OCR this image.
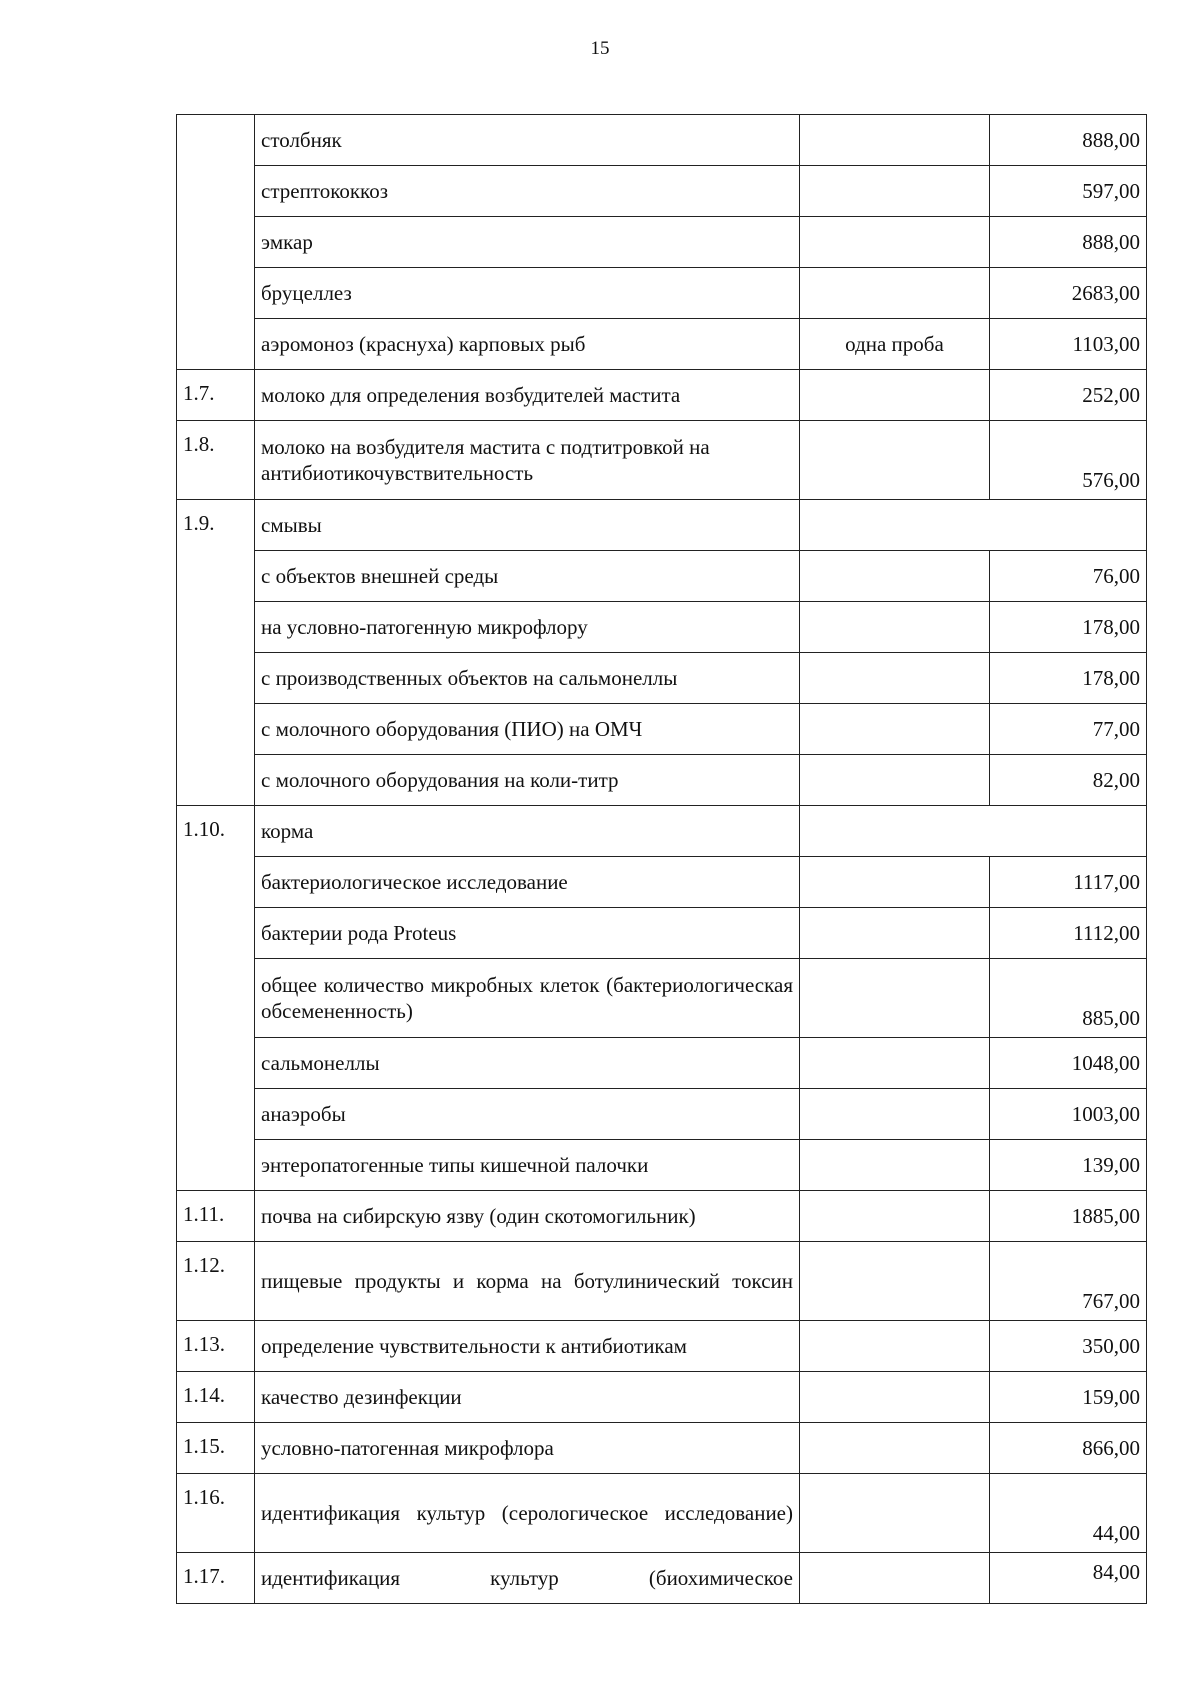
15
	столбняк		888,00
	стрептококкоз		597,00
	эмкар		888,00
	бруцеллез		2683,00
	аэромоноз (краснуха) карповых рыб	одна проба	1103,00
1.7.	молоко для определения возбудителей мастита		252,00
1.8.	молоко на возбудителя мастита с подтитровкой на антибиотикочувствительность		576,00
1.9.	смывы		
	с объектов внешней среды		76,00
	на условно-патогенную микрофлору		178,00
	с производственных объектов на сальмонеллы		178,00
	с молочного оборудования (ПИО) на ОМЧ		77,00
	с молочного оборудования на коли-титр		82,00
1.10.	корма		
	бактериологическое исследование		1117,00
	бактерии рода Proteus		1112,00
	общее количество микробных клеток (бактериологическая обсемененность)		885,00
	сальмонеллы		1048,00
	анаэробы		1003,00
	энтеропатогенные типы кишечной палочки		139,00
1.11.	почва на сибирскую язву (один скотомогильник)		1885,00
1.12.	пищевые продукты и корма на ботулинический токсин		767,00
1.13.	определение чувствительности к антибиотикам		350,00
1.14.	качество дезинфекции		159,00
1.15.	условно-патогенная микрофлора		866,00
1.16.	идентификация культур (серологическое исследование)		44,00
1.17.	идентификация культур (биохимическое		84,00
